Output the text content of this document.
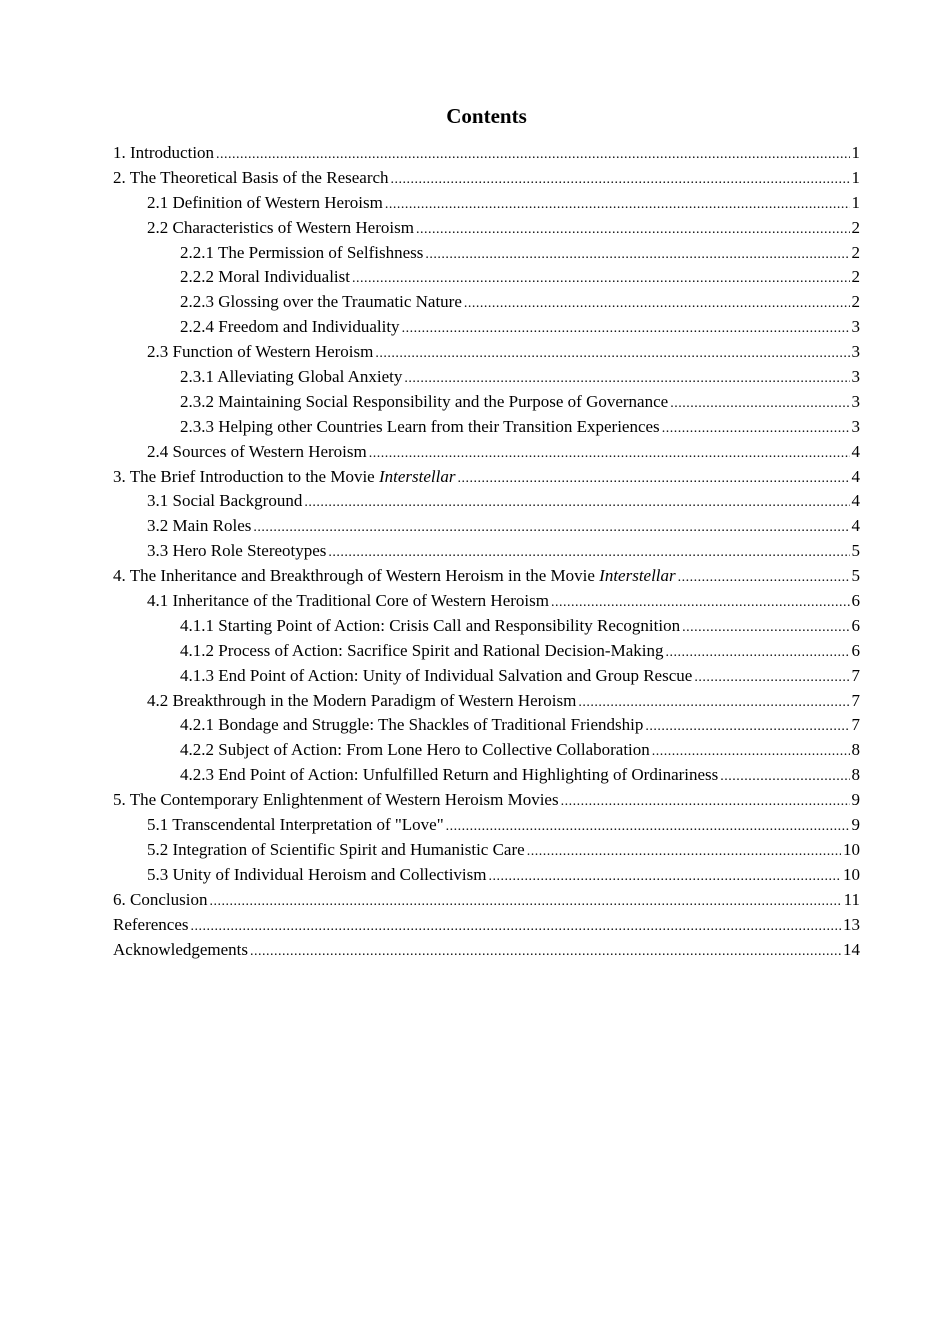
Contents
1. Introduction .....	1
2. The Theoretical Basis of the Research .....	1
2.1 Definition of Western Heroism .....	1
2.2 Characteristics of Western Heroism .....	2
2.2.1 The Permission of Selfishness .....	2
2.2.2 Moral Individualist .....	2
2.2.3 Glossing over the Traumatic Nature .....	2
2.2.4 Freedom and Individuality .....	3
2.3 Function of Western Heroism .....	3
2.3.1 Alleviating Global Anxiety .....	3
2.3.2 Maintaining Social Responsibility and the Purpose of Governance .....	3
2.3.3 Helping other Countries Learn from their Transition Experiences .....	3
2.4 Sources of Western Heroism .....	4
3. The Brief Introduction to the Movie Interstellar .....	4
3.1 Social Background .....	4
3.2 Main Roles .....	4
3.3 Hero Role Stereotypes .....	5
4. The Inheritance and Breakthrough of Western Heroism in the Movie Interstellar .....	5
4.1 Inheritance of the Traditional Core of Western Heroism .....	6
4.1.1 Starting Point of Action: Crisis Call and Responsibility Recognition .....	6
4.1.2 Process of Action: Sacrifice Spirit and Rational Decision-Making .....	6
4.1.3 End Point of Action: Unity of Individual Salvation and Group Rescue .....	7
4.2 Breakthrough in the Modern Paradigm of Western Heroism .....	7
4.2.1 Bondage and Struggle: The Shackles of Traditional Friendship .....	7
4.2.2 Subject of Action: From Lone Hero to Collective Collaboration .....	8
4.2.3 End Point of Action: Unfulfilled Return and Highlighting of Ordinariness .....	8
5. The Contemporary Enlightenment of Western Heroism Movies .....	9
5.1 Transcendental Interpretation of "Love" .....	9
5.2 Integration of Scientific Spirit and Humanistic Care .....	10
5.3 Unity of Individual Heroism and Collectivism .....	10
6. Conclusion .....	11
References .....	13
Acknowledgements .....	14
